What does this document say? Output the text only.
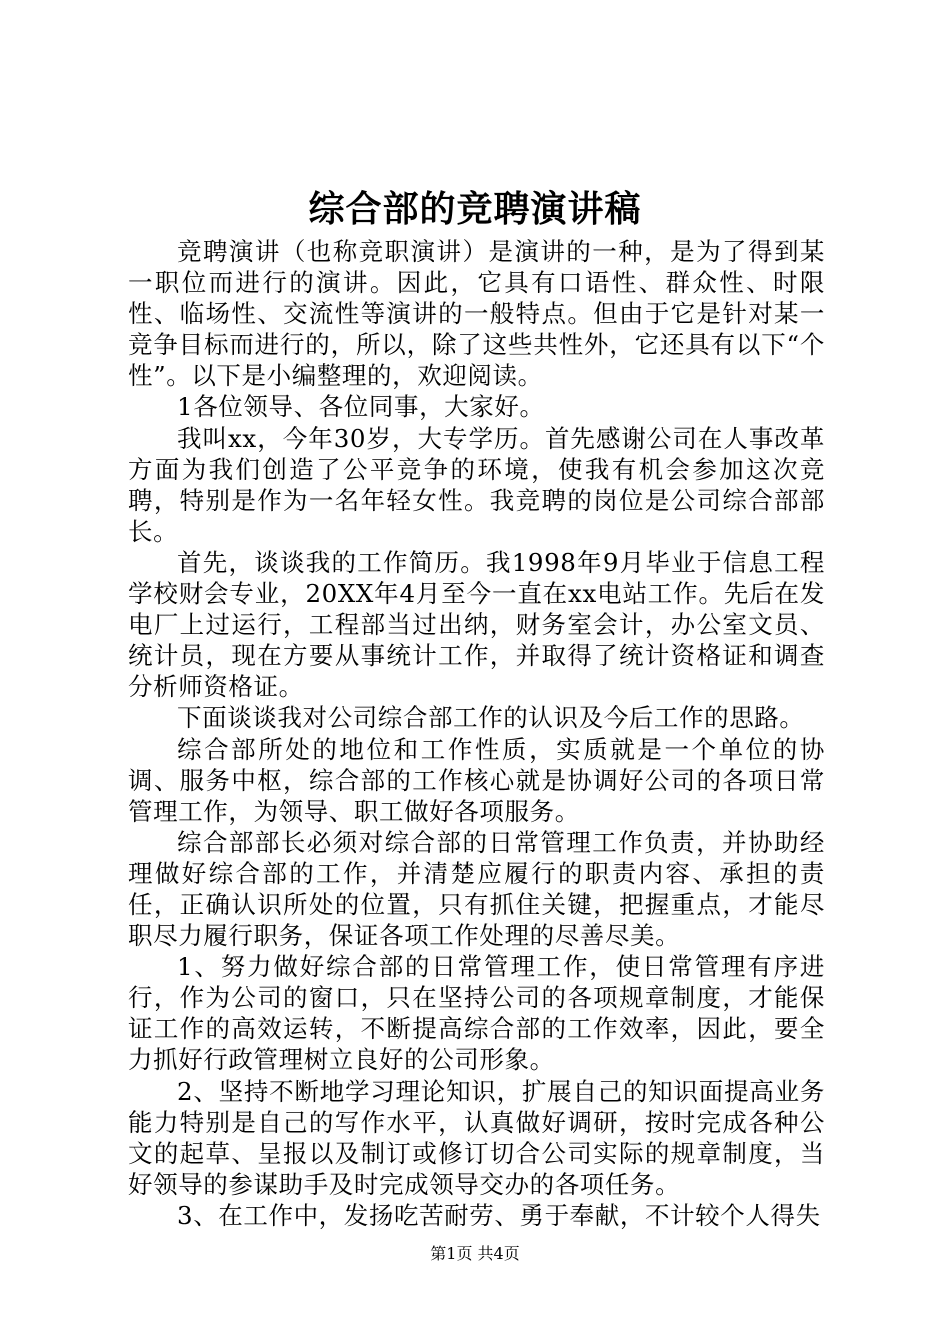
综合部的竞聘演讲稿

竞聘演讲（也称竞职演讲）是演讲的一种，是为了得到某一职位而进行的演讲。因此，它具有口语性、群众性、时限性、临场性、交流性等演讲的一般特点。但由于它是针对某一竞争目标而进行的，所以，除了这些共性外，它还具有以下“个性”。以下是小编整理的，欢迎阅读。

1各位领导、各位同事，大家好。

我叫xx，今年30岁，大专学历。首先感谢公司在人事改革方面为我们创造了公平竞争的环境，使我有机会参加这次竞聘，特别是作为一名年轻女性。我竞聘的岗位是公司综合部部长。

首先，谈谈我的工作简历。我1998年9月毕业于信息工程学校财会专业，20XX年4月至今一直在xx电站工作。先后在发电厂上过运行，工程部当过出纳，财务室会计，办公室文员、统计员，现在方要从事统计工作，并取得了统计资格证和调查分析师资格证。

下面谈谈我对公司综合部工作的认识及今后工作的思路。

综合部所处的地位和工作性质，实质就是一个单位的协调、服务中枢，综合部的工作核心就是协调好公司的各项日常管理工作，为领导、职工做好各项服务。

综合部部长必须对综合部的日常管理工作负责，并协助经理做好综合部的工作，并清楚应履行的职责内容、承担的责任，正确认识所处的位置，只有抓住关键，把握重点，才能尽职尽力履行职务，保证各项工作处理的尽善尽美。

1、努力做好综合部的日常管理工作，使日常管理有序进行，作为公司的窗口，只在坚持公司的各项规章制度，才能保证工作的高效运转，不断提高综合部的工作效率，因此，要全力抓好行政管理树立良好的公司形象。

2、坚持不断地学习理论知识，扩展自己的知识面提高业务能力特别是自己的写作水平，认真做好调研，按时完成各种公文的起草、呈报以及制订或修订切合公司实际的规章制度，当好领导的参谋助手及时完成领导交办的各项任务。

3、在工作中，发扬吃苦耐劳、勇于奉献，不计较个人得失

第1页 共4页
